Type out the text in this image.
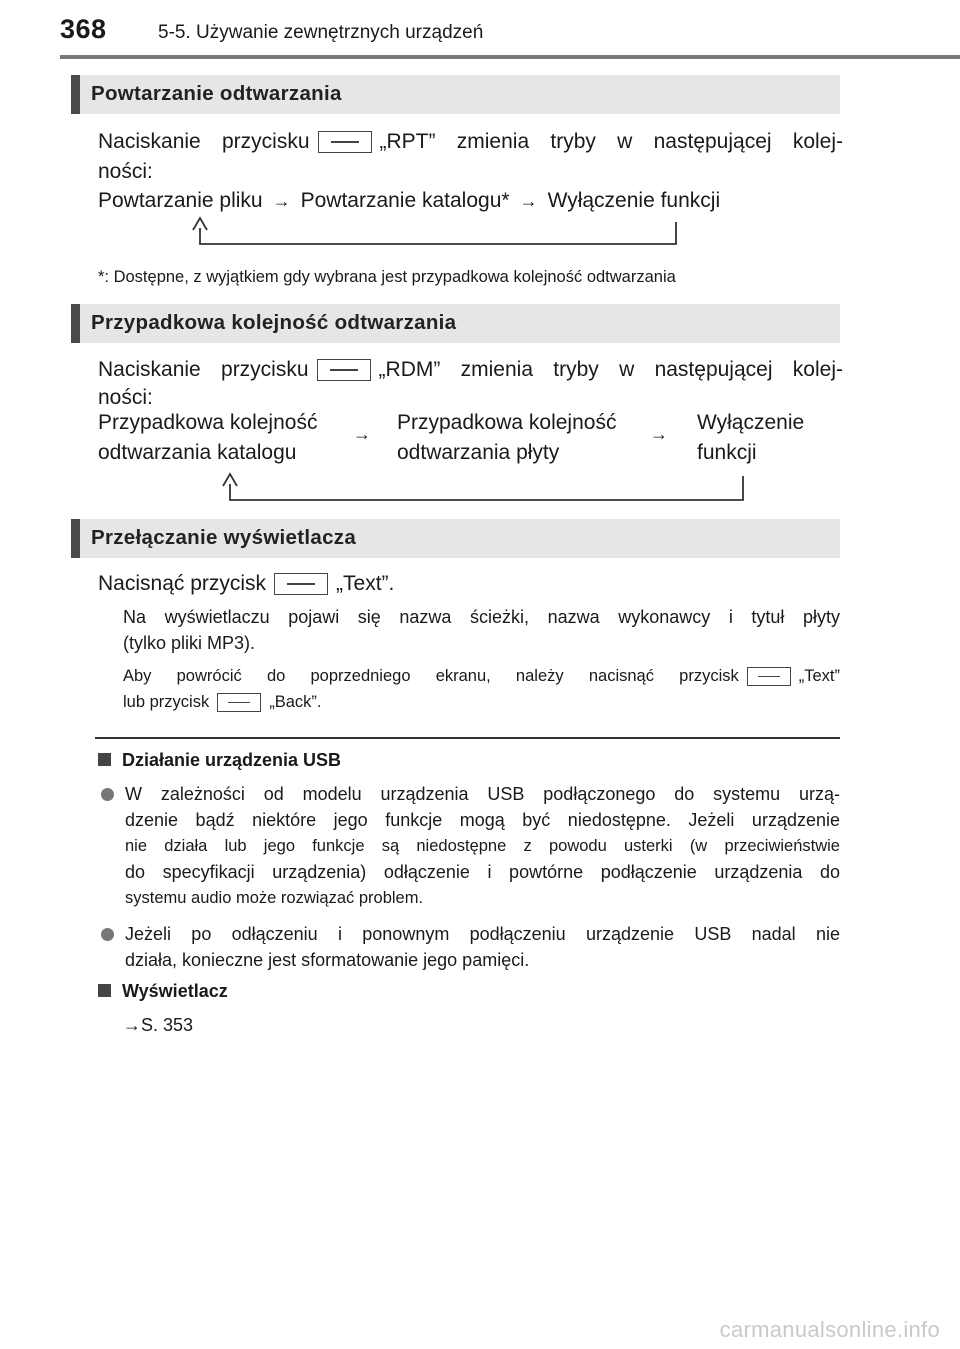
368	5-5. Używanie zewnętrznych urządzeń
Powtarzanie odtwarzania
Naciskanie przycisku	„RPT” zmienia tryby w następującej kolej-
ności:
Powtarzanie pliku → Powtarzanie katalogu* → Wyłączenie funkcji
*: Dostępne, z wyjątkiem gdy wybrana jest przypadkowa kolejność odtwarzania
Przypadkowa kolejność odtwarzania
Naciskanie przycisku	„RDM” zmienia tryby w następującej kolej-
ności:
Przypadkowa kolejność
odtwarzania katalogu
→ Przypadkowa kolejność
odtwarzania płyty
→ Wyłączenie
funkcji
Przełączanie wyświetlacza
Nacisnąć przycisk	„Text”.
Na wyświetlaczu pojawi się nazwa ścieżki, nazwa wykonawcy i tytuł płyty
(tylko pliki MP3).
Aby powrócić do poprzedniego ekranu, należy nacisnąć przycisk	„Text”
lub przycisk	„Back”.
Działanie urządzenia USB
W zależności od modelu urządzenia USB podłączonego do systemu urzą-
dzenie bądź niektóre jego funkcje mogą być niedostępne. Jeżeli urządzenie
nie działa lub jego funkcje są niedostępne z powodu usterki (w przeciwieństwie
do specyfikacji urządzenia) odłączenie i powtórne podłączenie urządzenia do
systemu audio może rozwiązać problem.
Jeżeli po odłączeniu i ponownym podłączeniu urządzenie USB nadal nie
działa, konieczne jest sformatowanie jego pamięci.
Wyświetlacz
→S. 353
carmanualsonline.info
